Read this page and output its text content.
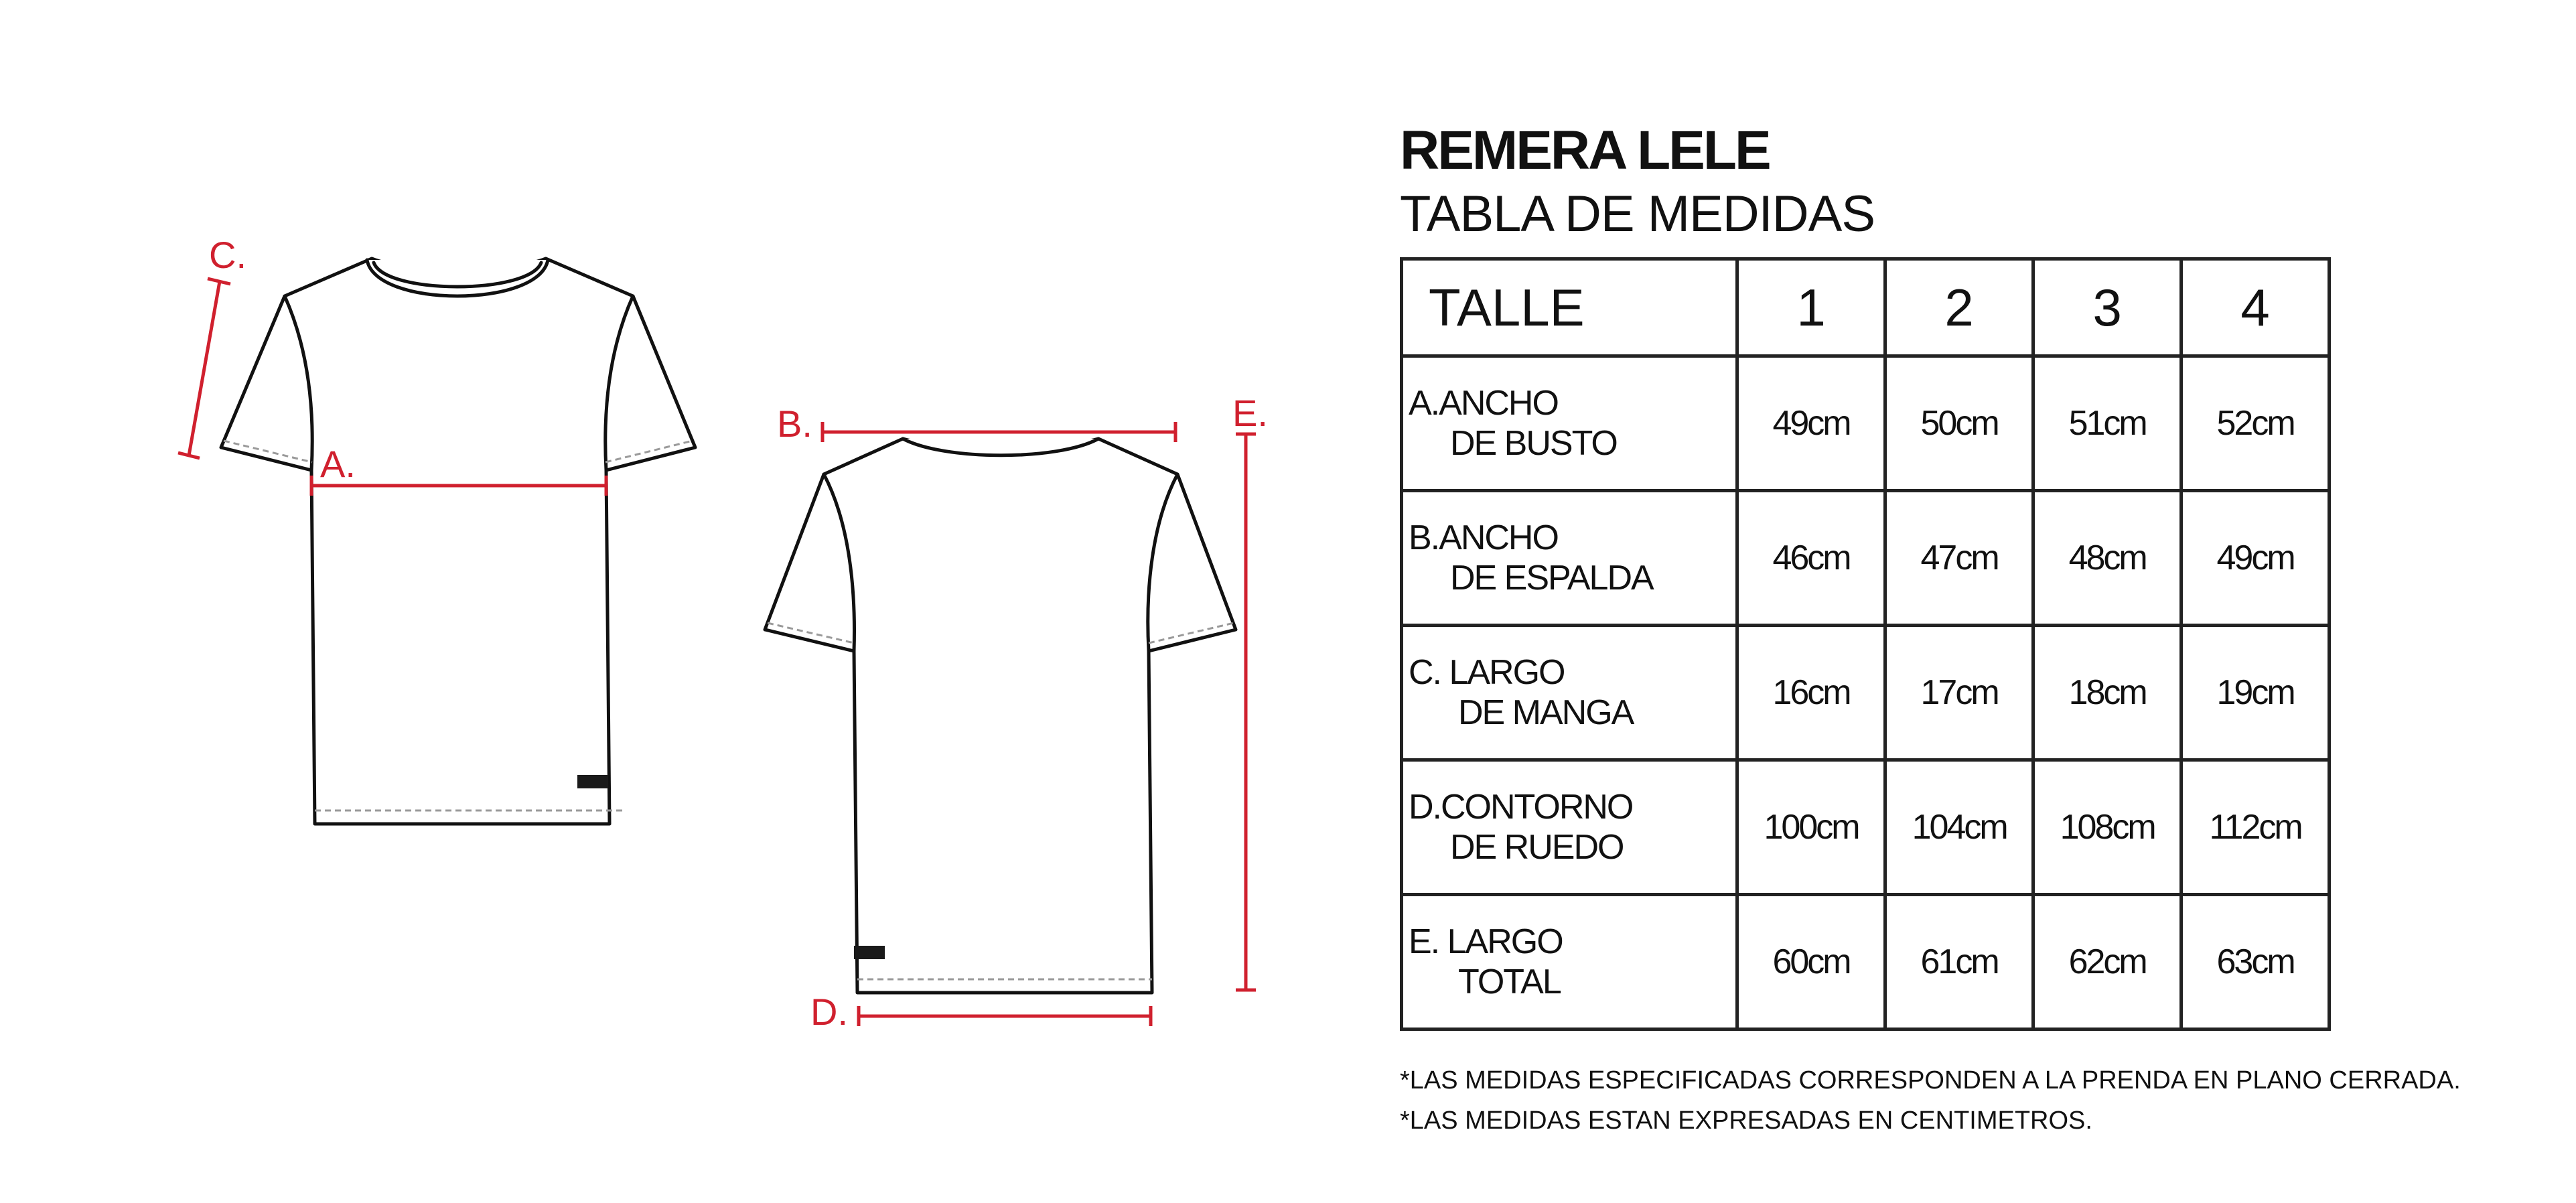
C.
A.
B.	E.
D.
REMERA LELE
TABLA DE MEDIDAS
TALLE	1	2	3	4

A.ANCHO
DE BUSTO	49cm	50cm	51cm	52cm

B.ANCHO
DE ESPALDA	46cm	47cm	48cm	49cm

C. LARGO
DE MANGA	16cm	17cm	18cm	19cm

D.CONTORNO
DE RUEDO	100cm	104cm	108cm	112cm

E. LARGO
TOTAL	60cm	61cm	62cm	63cm
*LAS MEDIDAS ESPECIFICADAS CORRESPONDEN A LA PRENDA EN PLANO CERRADA.
*LAS MEDIDAS ESTAN EXPRESADAS EN CENTIMETROS.
